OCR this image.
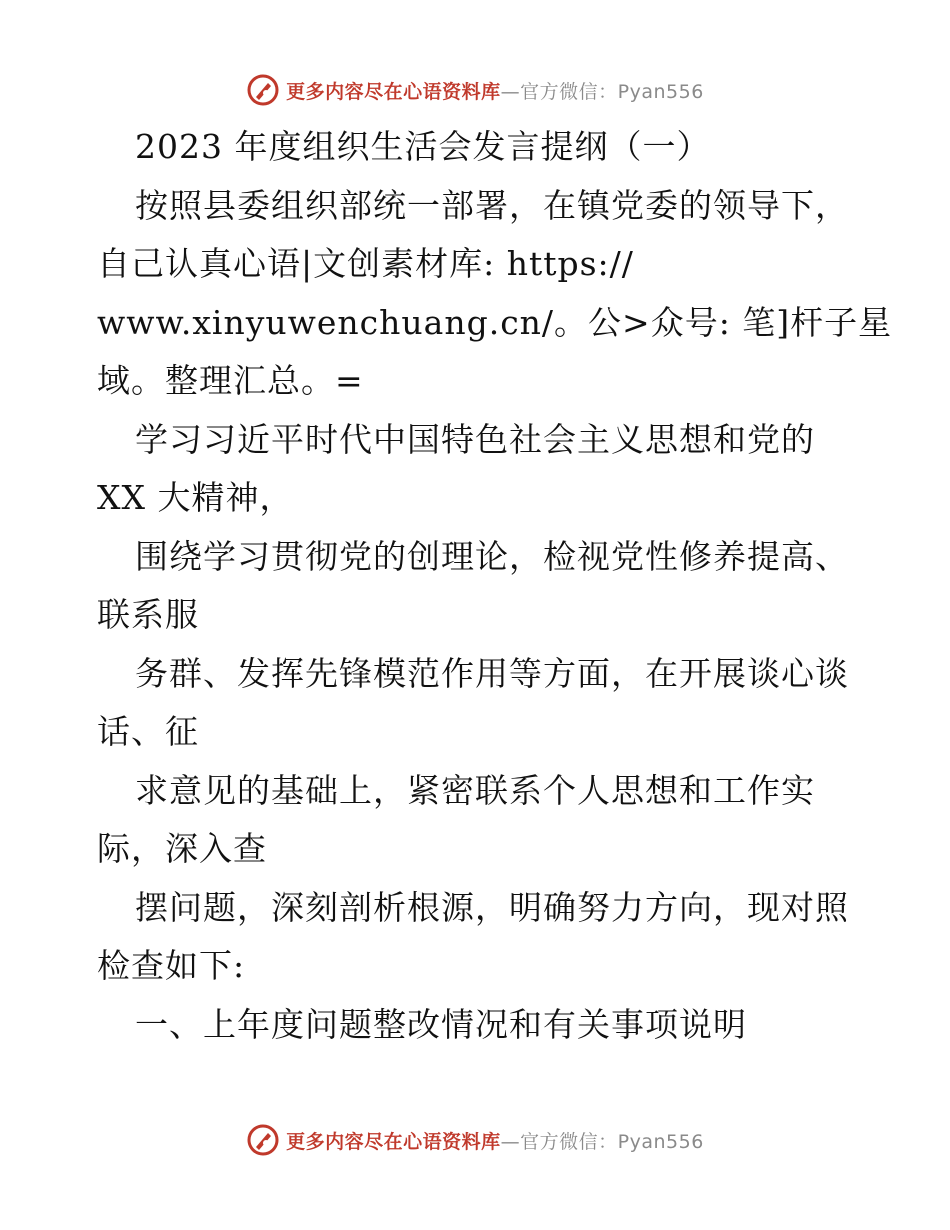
更多内容尽在心语资料库—官方微信：Pyan556
2023 年度组织生活会发言提纲（一）
按照县委组织部统一部署，在镇党委的领导下，
自己认真心语|文创素材库: https://
www.xinyuwenchuang.cn/。公>众号: 笔]杆子星
域。整理汇总。=
学习习近平时代中国特色社会主义思想和党的
XX 大精神，
围绕学习贯彻党的创理论，检视党性修养提高、
联系服
务群、发挥先锋模范作用等方面，在开展谈心谈
话、征
求意见的基础上，紧密联系个人思想和工作实
际，深入查
摆问题，深刻剖析根源，明确努力方向，现对照
检查如下:
一、上年度问题整改情况和有关事项说明
更多内容尽在心语资料库—官方微信：Pyan556
